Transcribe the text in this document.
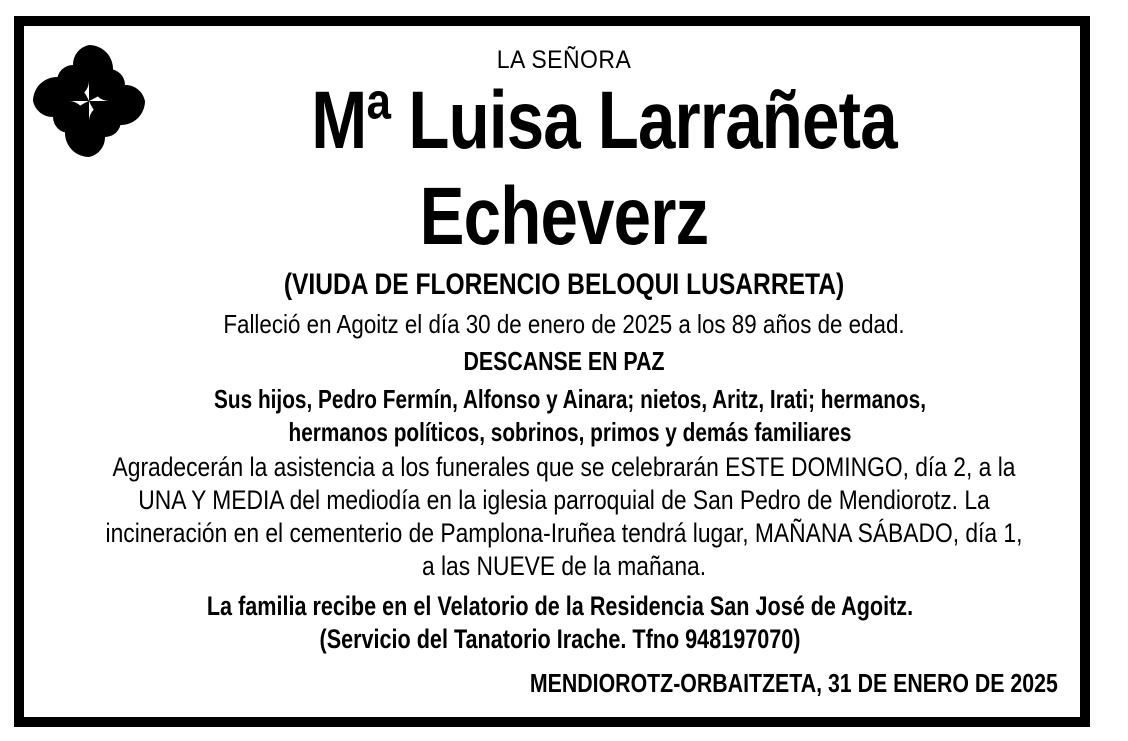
LA SEÑORA
Mª Luisa Larrañeta
Echeverz
(VIUDA DE FLORENCIO BELOQUI LUSARRETA)
Falleció en Agoitz el día 30 de enero de 2025 a los 89 años de edad.
DESCANSE EN PAZ
Sus hijos, Pedro Fermín, Alfonso y Ainara; nietos, Aritz, Irati; hermanos,
hermanos políticos, sobrinos, primos y demás familiares
Agradecerán la asistencia a los funerales que se celebrarán ESTE DOMINGO, día 2, a la
UNA Y MEDIA del mediodía en la iglesia parroquial de San Pedro de Mendiorotz. La
incineración en el cementerio de Pamplona-Iruñea tendrá lugar, MAÑANA SÁBADO, día 1,
a las NUEVE de la mañana.
La familia recibe en el Velatorio de la Residencia San José de Agoitz.
(Servicio del Tanatorio Irache. Tfno 948197070)
MENDIOROTZ-ORBAITZETA, 31 DE ENERO DE 2025
